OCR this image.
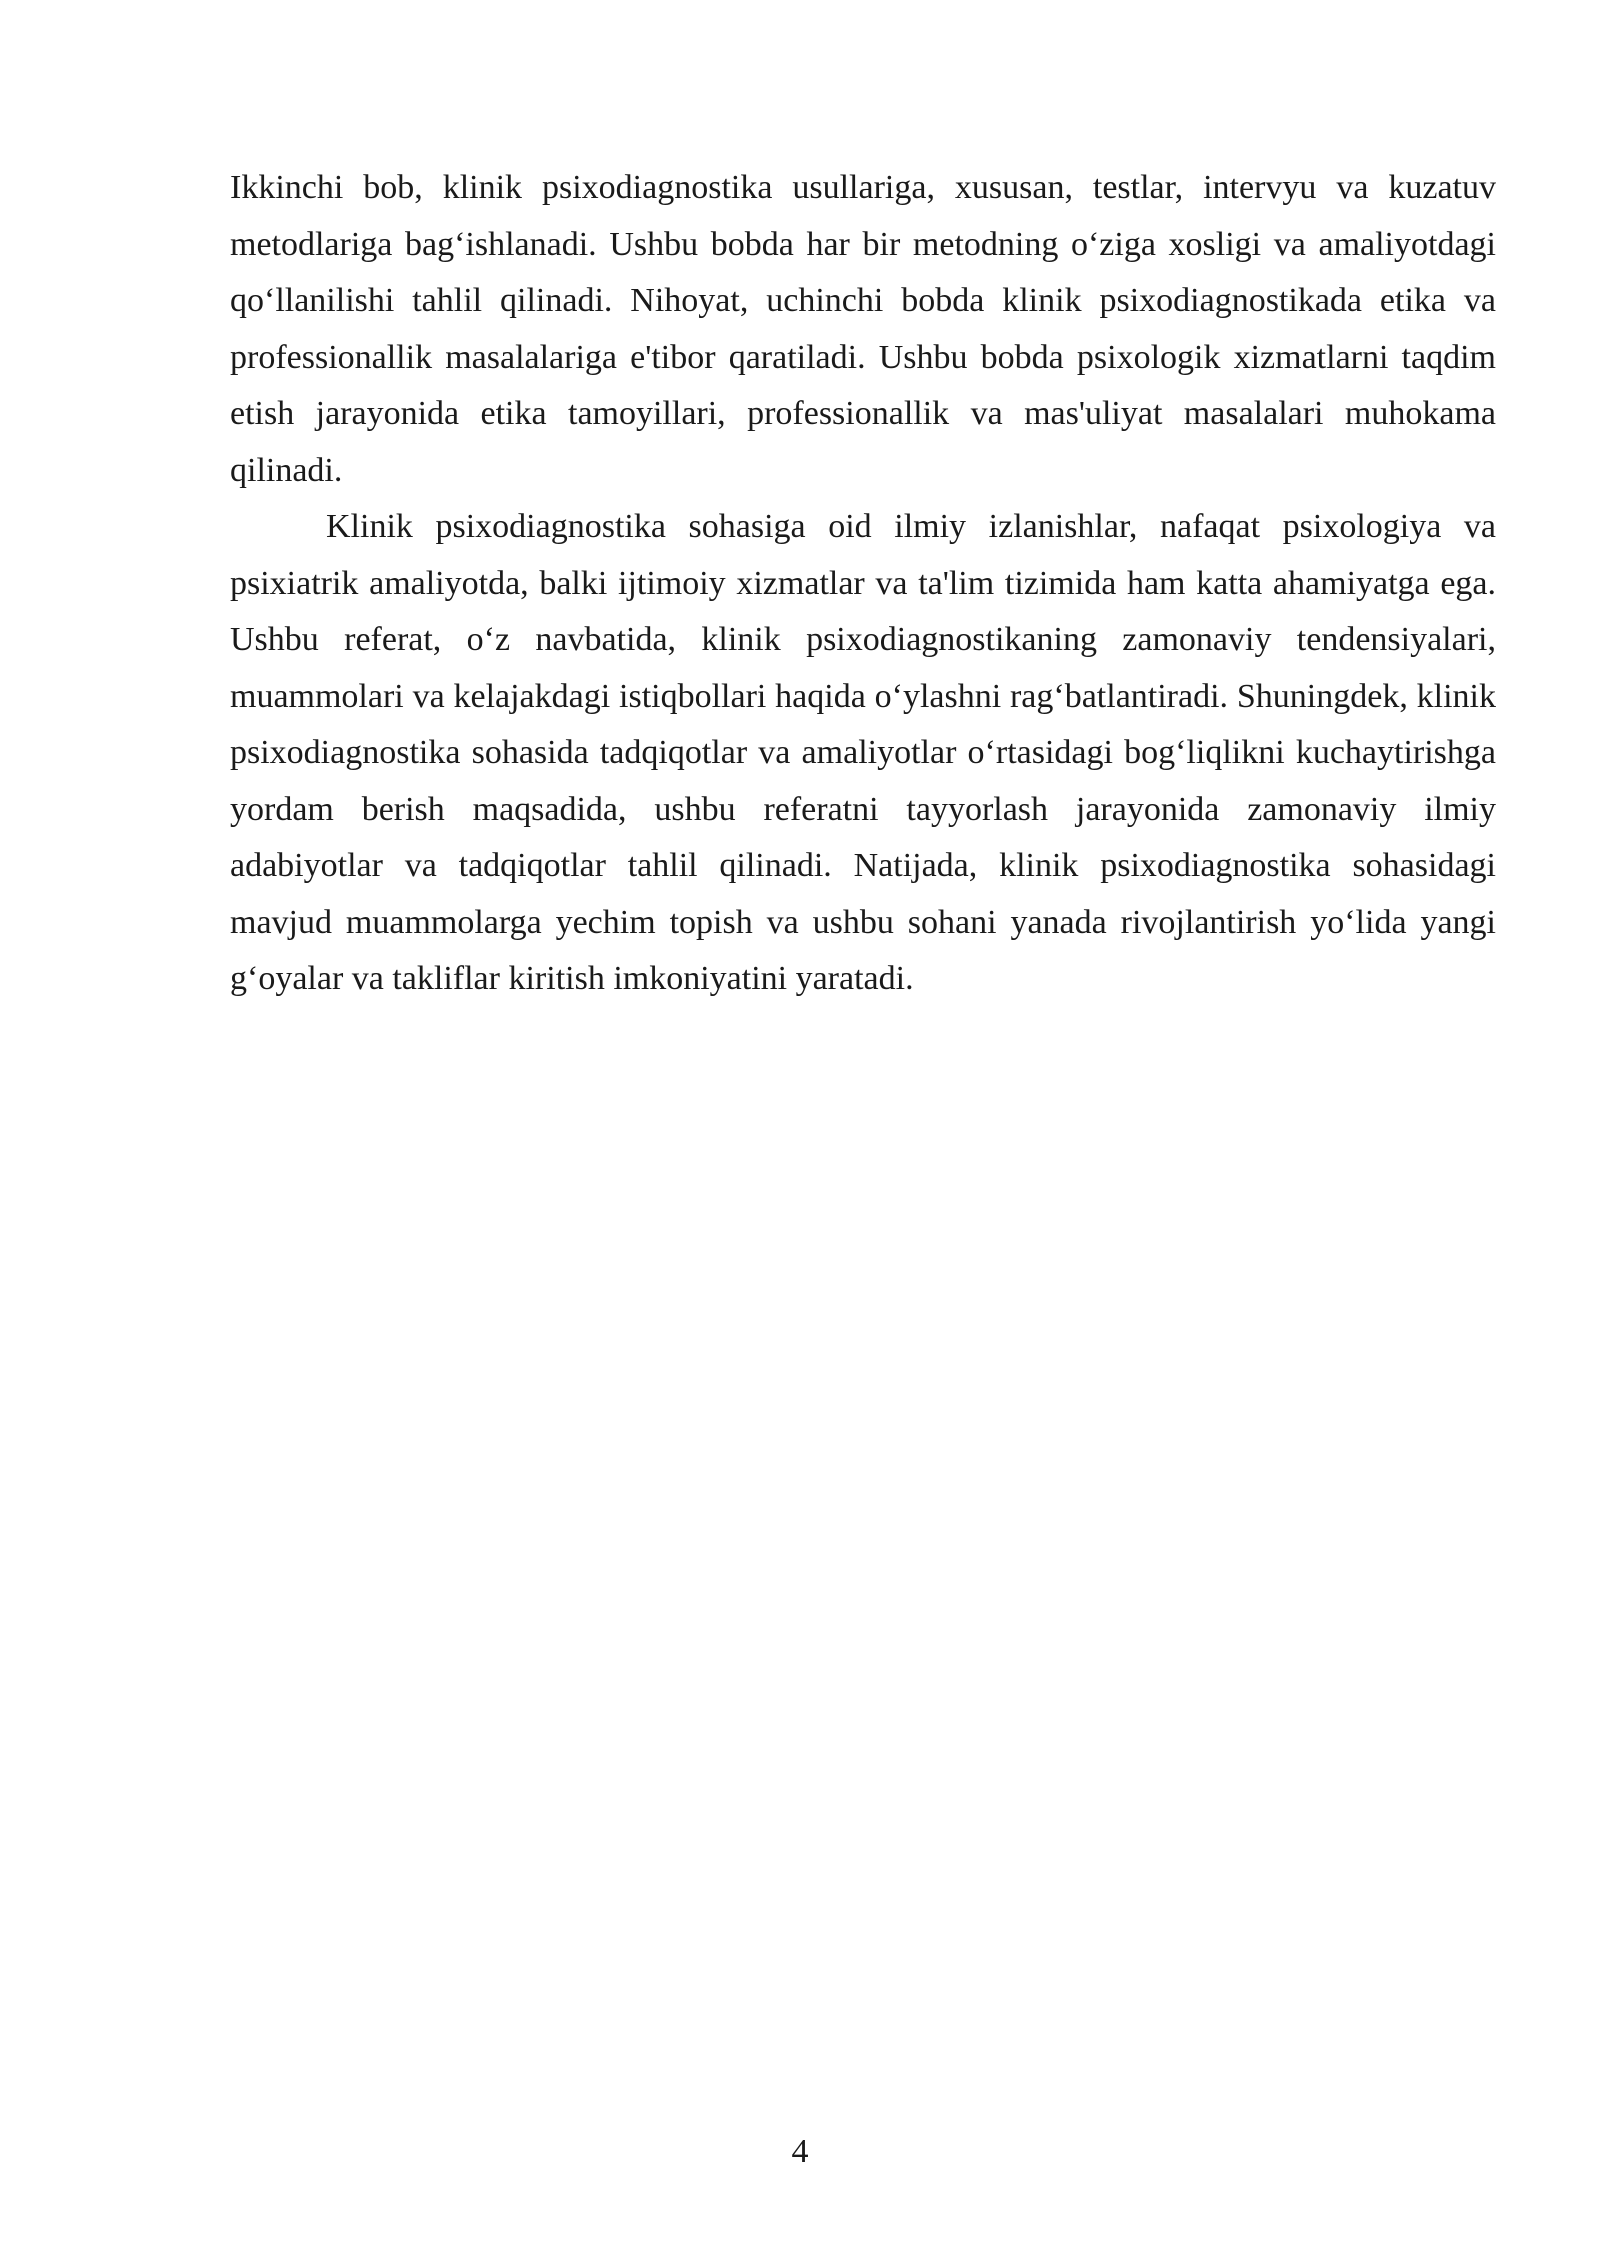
Ikkinchi bob, klinik psixodiagnostika usullariga, xususan, testlar, intervyu va kuzatuv metodlariga bag‘ishlanadi. Ushbu bobda har bir metodning o‘ziga xosligi va amaliyotdagi qo‘llanilishi tahlil qilinadi. Nihoyat, uchinchi bobda klinik psixodiagnostikada etika va professionallik masalalariga e'tibor qaratiladi. Ushbu bobda psixologik xizmatlarni taqdim etish jarayonida etika tamoyillari, professionallik va mas'uliyat masalalari muhokama qilinadi.

Klinik psixodiagnostika sohasiga oid ilmiy izlanishlar, nafaqat psixologiya va psixiatrik amaliyotda, balki ijtimoiy xizmatlar va ta'lim tizimida ham katta ahamiyatga ega. Ushbu referat, o‘z navbatida, klinik psixodiagnostikaning zamonaviy tendensiyalari, muammolari va kelajakdagi istiqbollari haqida o‘ylashni rag‘batlantiradi. Shuningdek, klinik psixodiagnostika sohasida tadqiqotlar va amaliyotlar o‘rtasidagi bog‘liqlikni kuchaytirishga yordam berish maqsadida, ushbu referatni tayyorlash jarayonida zamonaviy ilmiy adabiyotlar va tadqiqotlar tahlil qilinadi. Natijada, klinik psixodiagnostika sohasidagi mavjud muammolarga yechim topish va ushbu sohani yanada rivojlantirish yo‘lida yangi g‘oyalar va takliflar kiritish imkoniyatini yaratadi.

4
